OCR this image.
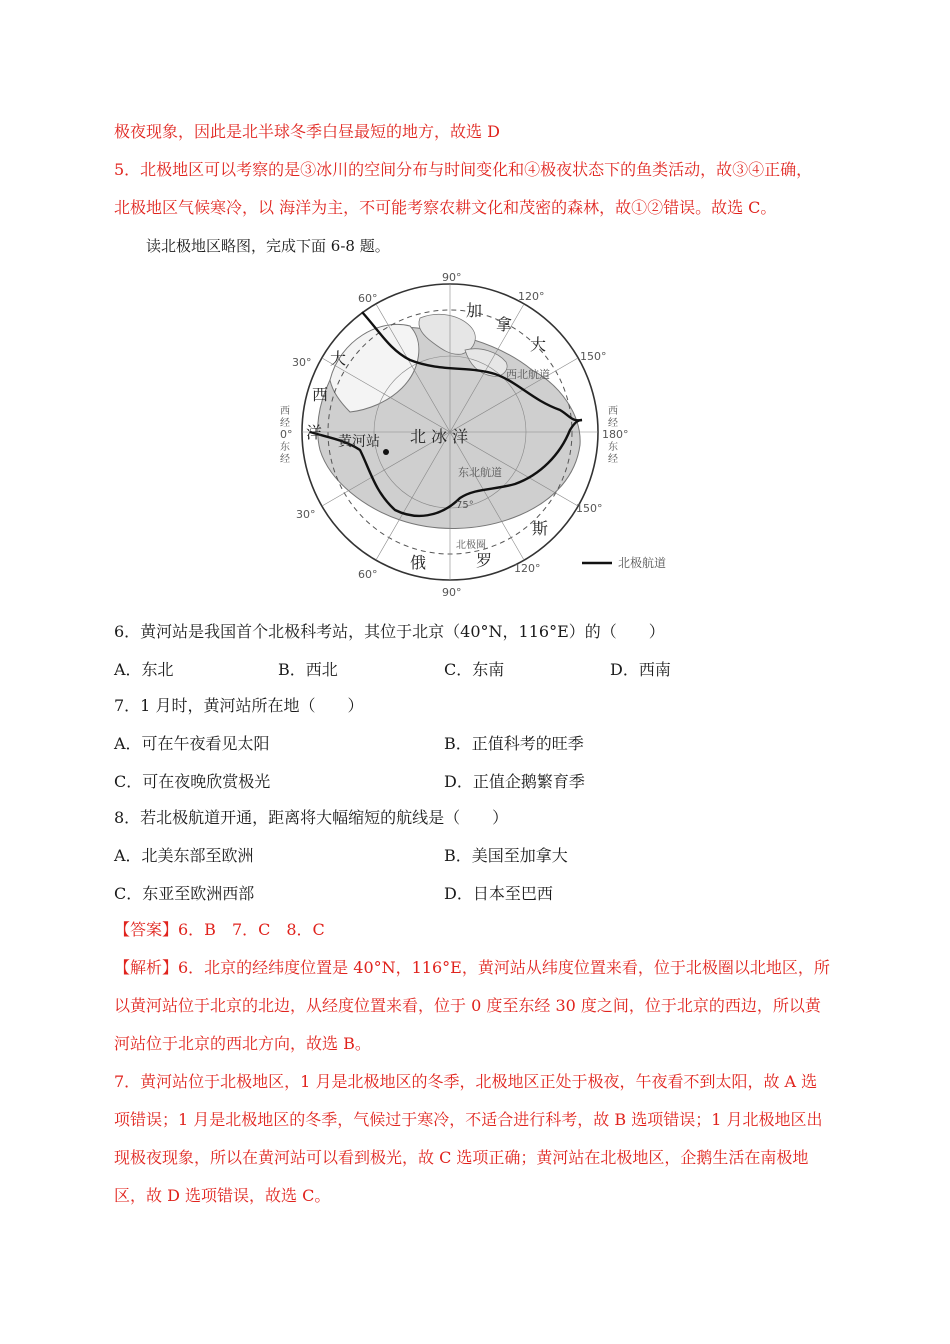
极夜现象，因此是北半球冬季白昼最短的地方，故选 D
5．北极地区可以考察的是③冰川的空间分布与时间变化和④极夜状态下的鱼类活动，故③④正确，
北极地区气候寒冷，以 海洋为主，不可能考察农耕文化和茂密的森林，故①②错误。故选 C。
读北极地区略图，完成下面 6-8 题。
90°
90°
120°
150°
180°
150°
120°
60°
30°
0°
30°
60°
75°
西
经
东
经
西
经
东
经
加
拿
大
大
西
洋
俄	罗
斯
北 冰 洋
黄河站
西北航道
东北航道
北极圈
北极航道
6．黄河站是我国首个北极科考站，其位于北京（40°N，116°E）的（　　）
A．东北	B．西北	C．东南	D．西南
7．1 月时，黄河站所在地（　　）
A．可在午夜看见太阳	B．正值科考的旺季
C．可在夜晚欣赏极光	D．正值企鹅繁育季
8．若北极航道开通，距离将大幅缩短的航线是（　　）
A．北美东部至欧洲	B．美国至加拿大
C．东亚至欧洲西部	D．日本至巴西
【答案】6．B　7．C　8．C
【解析】6．北京的经纬度位置是 40°N，116°E，黄河站从纬度位置来看，位于北极圈以北地区，所
以黄河站位于北京的北边，从经度位置来看，位于 0 度至东经 30 度之间，位于北京的西边，所以黄
河站位于北京的西北方向，故选 B。
7．黄河站位于北极地区，1 月是北极地区的冬季，北极地区正处于极夜，午夜看不到太阳，故 A 选
项错误；1 月是北极地区的冬季，气候过于寒冷，不适合进行科考，故 B 选项错误；1 月北极地区出
现极夜现象，所以在黄河站可以看到极光，故 C 选项正确；黄河站在北极地区，企鹅生活在南极地
区，故 D 选项错误，故选 C。
